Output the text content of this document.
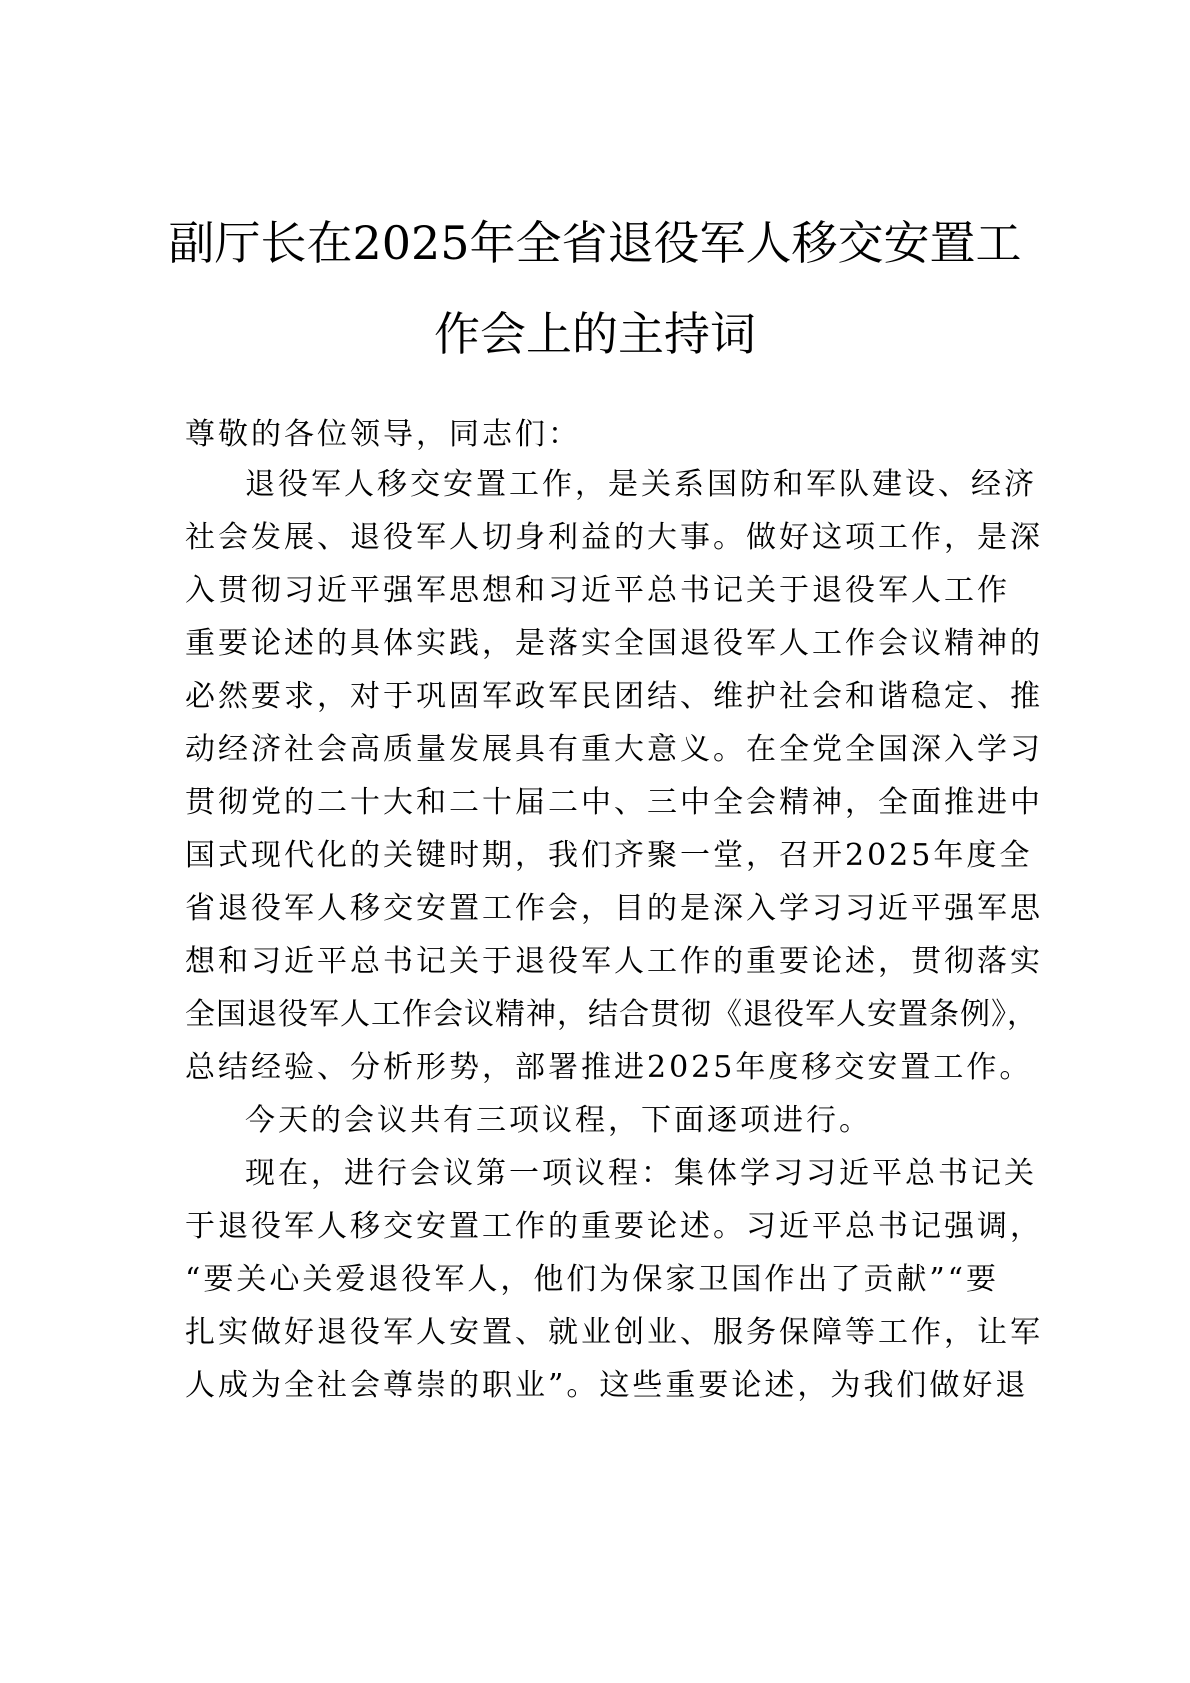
副厅长在2025年全省退役军人移交安置工
作会上的主持词
尊敬的各位领导，同志们：
退役军人移交安置工作，是关系国防和军队建设、经济
社会发展、退役军人切身利益的大事。做好这项工作，是深
入贯彻习近平强军思想和习近平总书记关于退役军人工作
重要论述的具体实践，是落实全国退役军人工作会议精神的
必然要求，对于巩固军政军民团结、维护社会和谐稳定、推
动经济社会高质量发展具有重大意义。在全党全国深入学习
贯彻党的二十大和二十届二中、三中全会精神，全面推进中
国式现代化的关键时期，我们齐聚一堂，召开2025年度全
省退役军人移交安置工作会，目的是深入学习习近平强军思
想和习近平总书记关于退役军人工作的重要论述，贯彻落实
全国退役军人工作会议精神，结合贯彻《退役军人安置条例》，
总结经验、分析形势，部署推进2025年度移交安置工作。
今天的会议共有三项议程，下面逐项进行。
现在，进行会议第一项议程：集体学习习近平总书记关
于退役军人移交安置工作的重要论述。习近平总书记强调，
“要关心关爱退役军人，他们为保家卫国作出了贡献”“要
扎实做好退役军人安置、就业创业、服务保障等工作，让军
人成为全社会尊崇的职业”。这些重要论述，为我们做好退
